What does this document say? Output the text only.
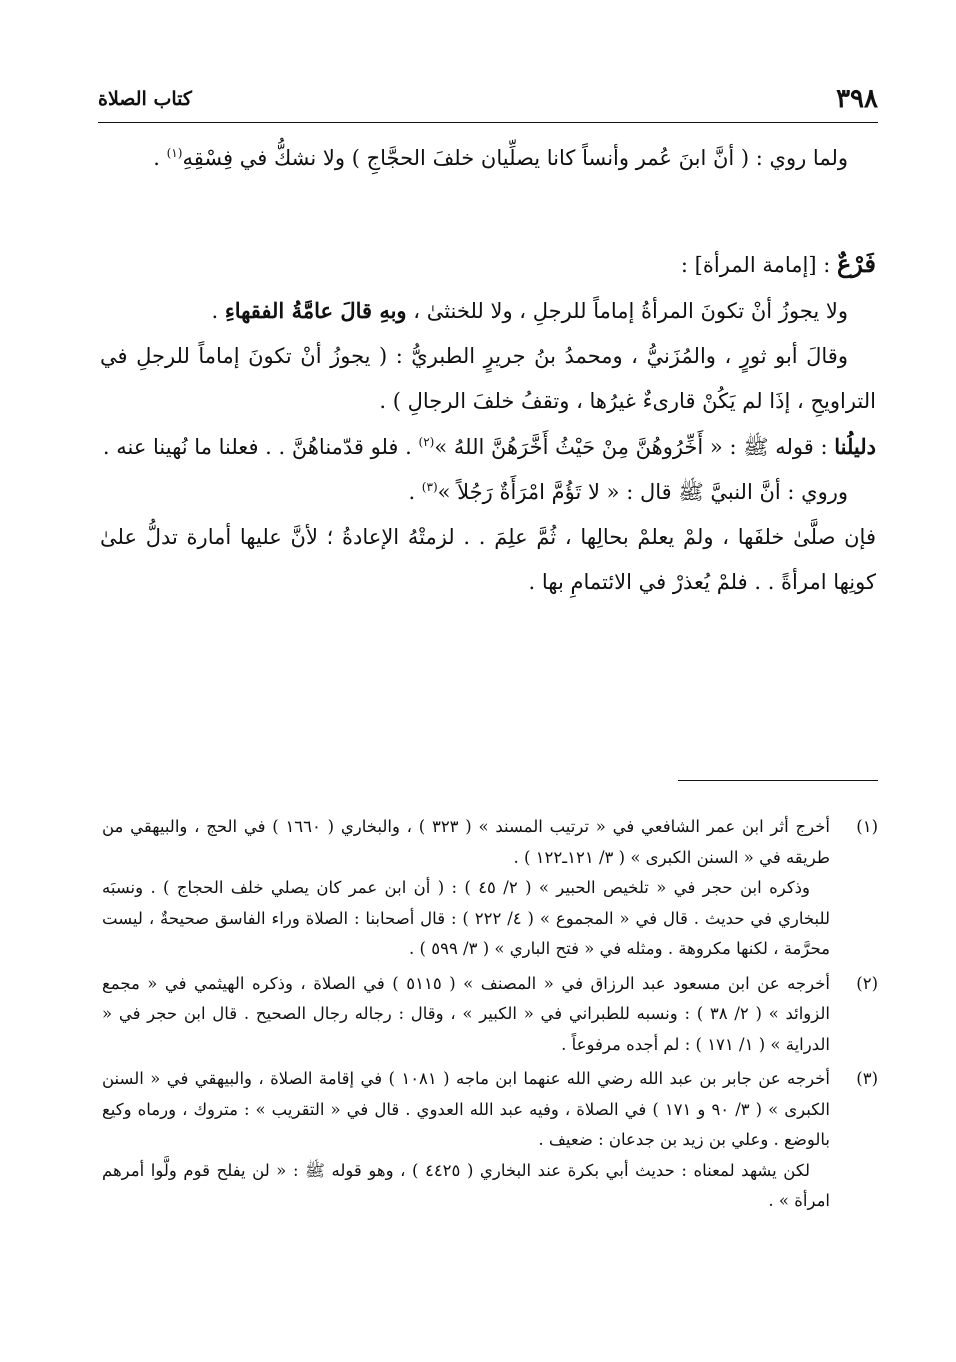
٣٩٨
كتاب الصلاة

ولما روي : ( أنَّ ابنَ عُمر وأنساً كانا يصلِّيان خلفَ الحجَّاجِ ) ولا نشكُّ في فِسْقِهِ$^{(١)}$ .

فَرْعٌ : [إمامة المرأة] :

ولا يجوزُ أنْ تكونَ المرأةُ إماماً للرجلِ ، ولا للخنثىٰ ، وبهِ قالَ عامَّةُ الفقهاءِ .

وقالَ أبو ثورٍ ، والمُزَنيُّ ، ومحمدُ بنُ جريرٍ الطبريُّ : ( يجوزُ أنْ تكونَ إماماً للرجلِ في التراويحِ ، إذَا لم يَكُنْ قارىءٌ غيرُها ، وتقفُ خلفَ الرجالِ ) .

دليلُنا : قوله ﷺ : « أَخِّرُوهُنَّ مِنْ حَيْثُ أَخَّرَهُنَّ اللهُ »$^{(٢)}$ . فلو قدّمناهُنَّ . . فعلنا ما نُهينا عنه .

وروي : أنَّ النبيَّ ﷺ قال : « لا تَؤُمَّ امْرَأَةٌ رَجُلاً »$^{(٣)}$ .

فإن صلَّىٰ خلفَها ، ولمْ يعلمْ بحالِها ، ثُمَّ علِمَ . . لزمتْهُ الإعادةُ ؛ لأنَّ عليها أمارة تدلُّ علىٰ كونِها امرأةً . . فلمْ يُعذرْ في الائتمامِ بها .

(١)

أخرج أثر ابن عمر الشافعي في « ترتيب المسند » ( ٣٢٣ ) ، والبخاري ( ١٦٦٠ ) في الحج ، والبيهقي من طريقه في « السنن الكبرى » ( ٣/ ١٢١ـ١٢٢ ) .

وذكره ابن حجر في « تلخيص الحبير » ( ٢/ ٤٥ ) : ( أن ابن عمر كان يصلي خلف الحجاج ) . ونسبَه للبخاري في حديث . قال في « المجموع » ( ٤/ ٢٢٢ ) : قال أصحابنا : الصلاة وراء الفاسق صحيحةٌ ، ليست محرَّمة ، لكنها مكروهة . ومثله في « فتح الباري » ( ٣/ ٥٩٩ ) .

(٢)

أخرجه عن ابن مسعود عبد الرزاق في « المصنف » ( ٥١١٥ ) في الصلاة ، وذكره الهيثمي في « مجمع الزوائد » ( ٢/ ٣٨ ) : ونسبه للطبراني في « الكبير » ، وقال : رجاله رجال الصحيح . قال ابن حجر في « الدراية » ( ١/ ١٧١ ) : لم أجده مرفوعاً .

(٣)

أخرجه عن جابر بن عبد الله رضي الله عنهما ابن ماجه ( ١٠٨١ ) في إقامة الصلاة ، والبيهقي في « السنن الكبرى » ( ٣/ ٩٠ و ١٧١ ) في الصلاة ، وفيه عبد الله العدوي . قال في « التقريب » : متروك ، ورماه وكيع بالوضع . وعلي بن زيد بن جدعان : ضعيف .

لكن يشهد لمعناه : حديث أبي بكرة عند البخاري ( ٤٤٢٥ ) ، وهو قوله ﷺ : « لن يفلح قوم ولَّوا أمرهم امرأة » .
